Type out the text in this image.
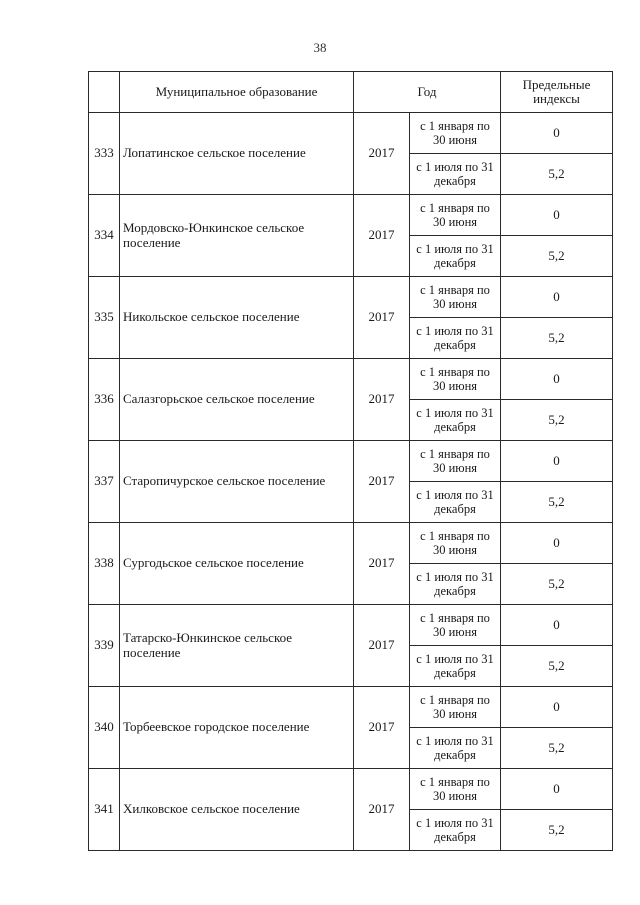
38
	Муниципальное образование	Год		Предельные индексы
333	Лопатинское сельское поселение	2017	с 1 января по 30 июня	0
			с 1 июля по 31 декабря	5,2
334	Мордовско-Юнкинское сельское поселение	2017	с 1 января по 30 июня	0
			с 1 июля по 31 декабря	5,2
335	Никольское сельское поселение	2017	с 1 января по 30 июня	0
			с 1 июля по 31 декабря	5,2
336	Салазгорьское сельское поселение	2017	с 1 января по 30 июня	0
			с 1 июля по 31 декабря	5,2
337	Старопичурское сельское поселение	2017	с 1 января по 30 июня	0
			с 1 июля по 31 декабря	5,2
338	Сургодьское сельское поселение	2017	с 1 января по 30 июня	0
			с 1 июля по 31 декабря	5,2
339	Татарско-Юнкинское сельское поселение	2017	с 1 января по 30 июня	0
			с 1 июля по 31 декабря	5,2
340	Торбеевское городское поселение	2017	с 1 января по 30 июня	0
			с 1 июля по 31 декабря	5,2
341	Хилковское сельское поселение	2017	с 1 января по 30 июня	0
			с 1 июля по 31 декабря	5,2
